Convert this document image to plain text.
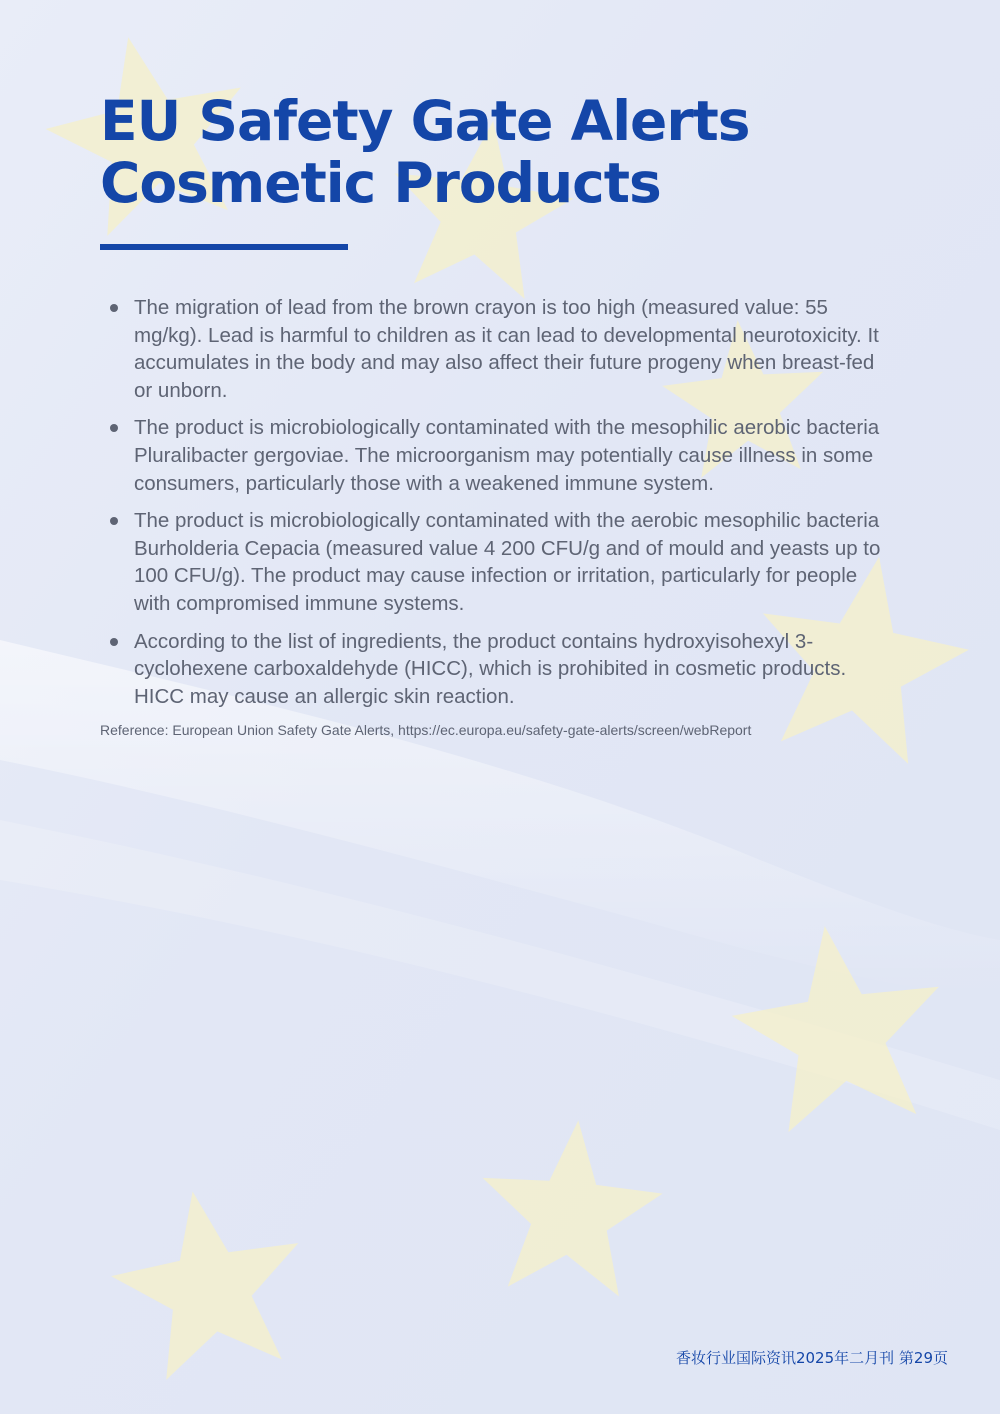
EU Safety Gate Alerts
Cosmetic Products
The migration of lead from the brown crayon is too high (measured value: 55 mg/kg). Lead is harmful to children as it can lead to developmental neurotoxicity. It accumulates in the body and may also affect their future progeny when breast-fed or unborn.
The product is microbiologically contaminated with the mesophilic aerobic bacteria Pluralibacter gergoviae. The microorganism may potentially cause illness in some consumers, particularly those with a weakened immune system.
The product is microbiologically contaminated with the aerobic mesophilic bacteria Burholderia Cepacia (measured value 4 200 CFU/g and of mould and yeasts up to 100 CFU/g). The product may cause infection or irritation, particularly for people with compromised immune systems.
According to the list of ingredients, the product contains hydroxyisohexyl 3-cyclohexene carboxaldehyde (HICC), which is prohibited in cosmetic products. HICC may cause an allergic skin reaction.
Reference: European Union Safety Gate Alerts, https://ec.europa.eu/safety-gate-alerts/screen/webReport
香妆行业国际资讯2025年二月刊 第29页
